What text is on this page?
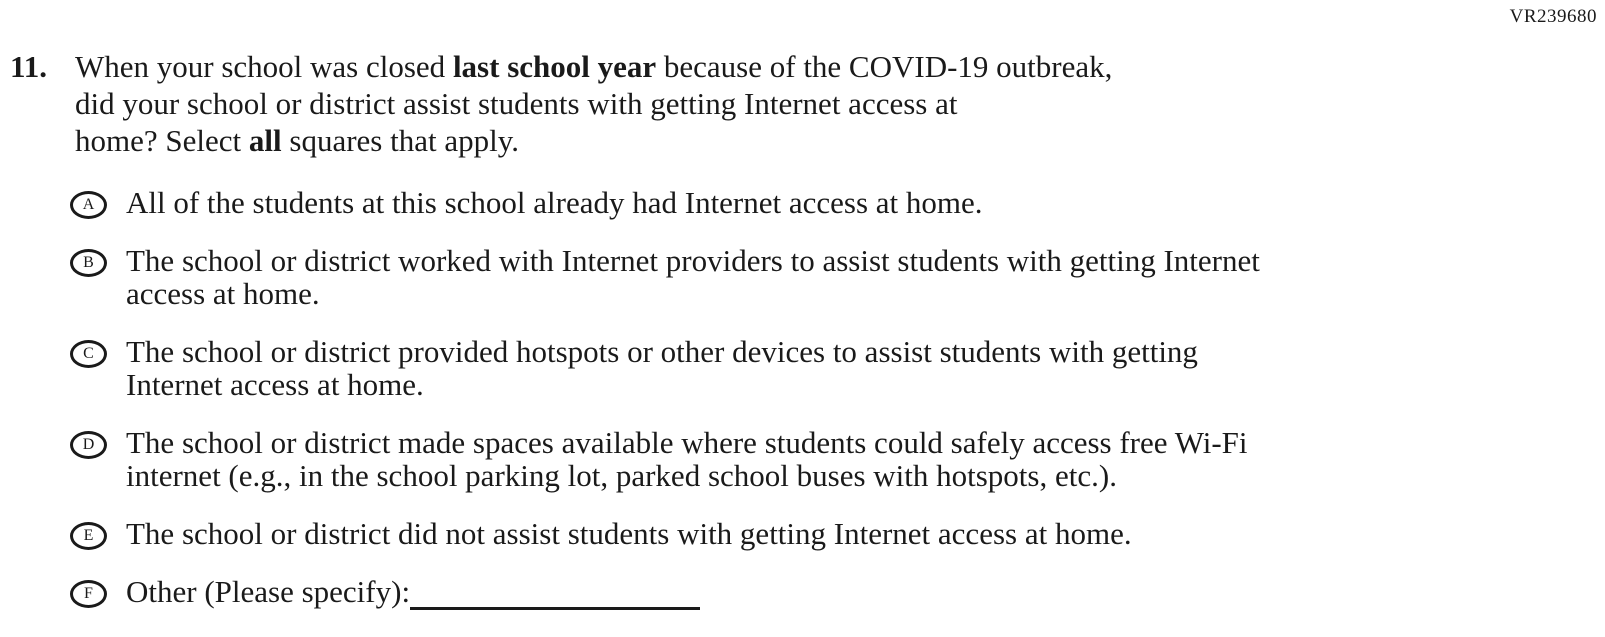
VR239680
11. When your school was closed last school year because of the COVID-19 outbreak,
did your school or district assist students with getting Internet access at
home? Select all squares that apply.
A	All of the students at this school already had Internet access at home.
B	The school or district worked with Internet providers to assist students with getting Internet
access at home.
C	The school or district provided hotspots or other devices to assist students with getting
Internet access at home.
D	The school or district made spaces available where students could safely access free Wi-Fi
internet (e.g., in the school parking lot, parked school buses with hotspots, etc.).
E	The school or district did not assist students with getting Internet access at home.
F	Other (Please specify):
